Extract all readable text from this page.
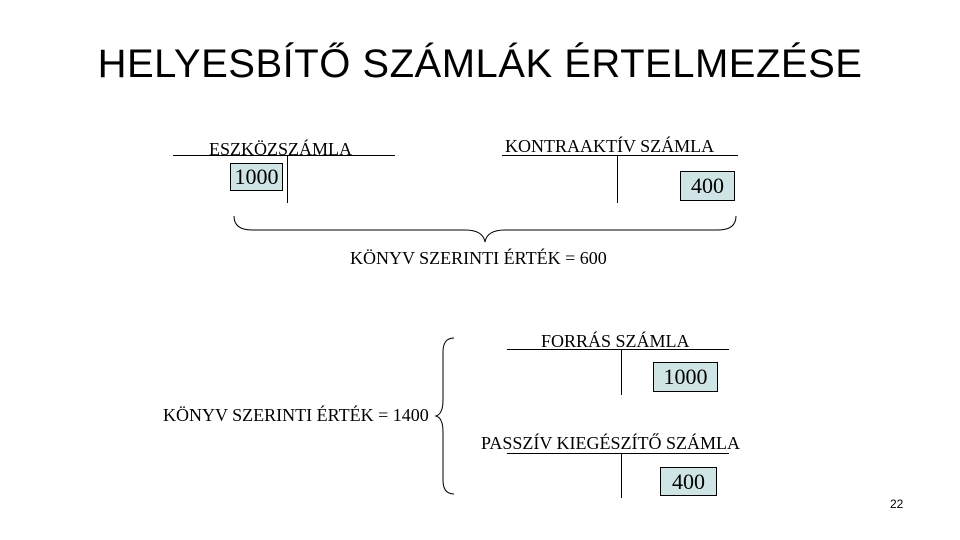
HELYESBÍTŐ SZÁMLÁK ÉRTELMEZÉSE
ESZKÖZSZÁMLA
1000
KONTRAAKTÍV SZÁMLA
400
KÖNYV SZERINTI ÉRTÉK = 600
FORRÁS SZÁMLA
1000
PASSZÍV KIEGÉSZÍTŐ SZÁMLA
400
KÖNYV SZERINTI ÉRTÉK = 1400
22
